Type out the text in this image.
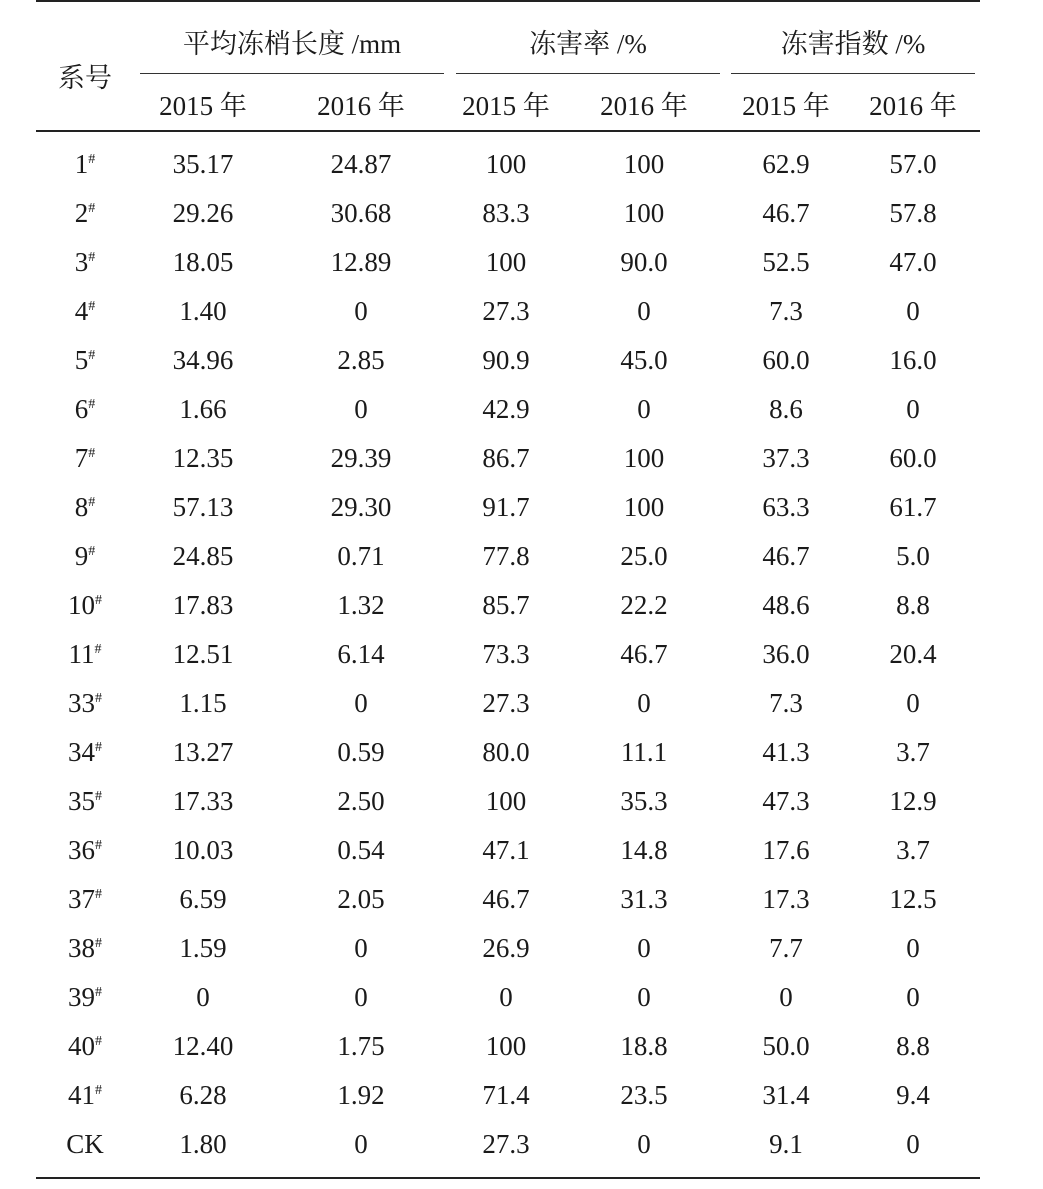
系号	平均冻梢长度 /mm		冻害率 /%		冻害指数 /%	
	2015 年	2016 年	2015 年	2016 年	2015 年	2016 年
1#	35.17	24.87	100	100	62.9	57.0
2#	29.26	30.68	83.3	100	46.7	57.8
3#	18.05	12.89	100	90.0	52.5	47.0
4#	1.40	0	27.3	0	7.3	0
5#	34.96	2.85	90.9	45.0	60.0	16.0
6#	1.66	0	42.9	0	8.6	0
7#	12.35	29.39	86.7	100	37.3	60.0
8#	57.13	29.30	91.7	100	63.3	61.7
9#	24.85	0.71	77.8	25.0	46.7	5.0
10#	17.83	1.32	85.7	22.2	48.6	8.8
11#	12.51	6.14	73.3	46.7	36.0	20.4
33#	1.15	0	27.3	0	7.3	0
34#	13.27	0.59	80.0	11.1	41.3	3.7
35#	17.33	2.50	100	35.3	47.3	12.9
36#	10.03	0.54	47.1	14.8	17.6	3.7
37#	6.59	2.05	46.7	31.3	17.3	12.5
38#	1.59	0	26.9	0	7.7	0
39#	0	0	0	0	0	0
40#	12.40	1.75	100	18.8	50.0	8.8
41#	6.28	1.92	71.4	23.5	31.4	9.4
CK	1.80	0	27.3	0	9.1	0
